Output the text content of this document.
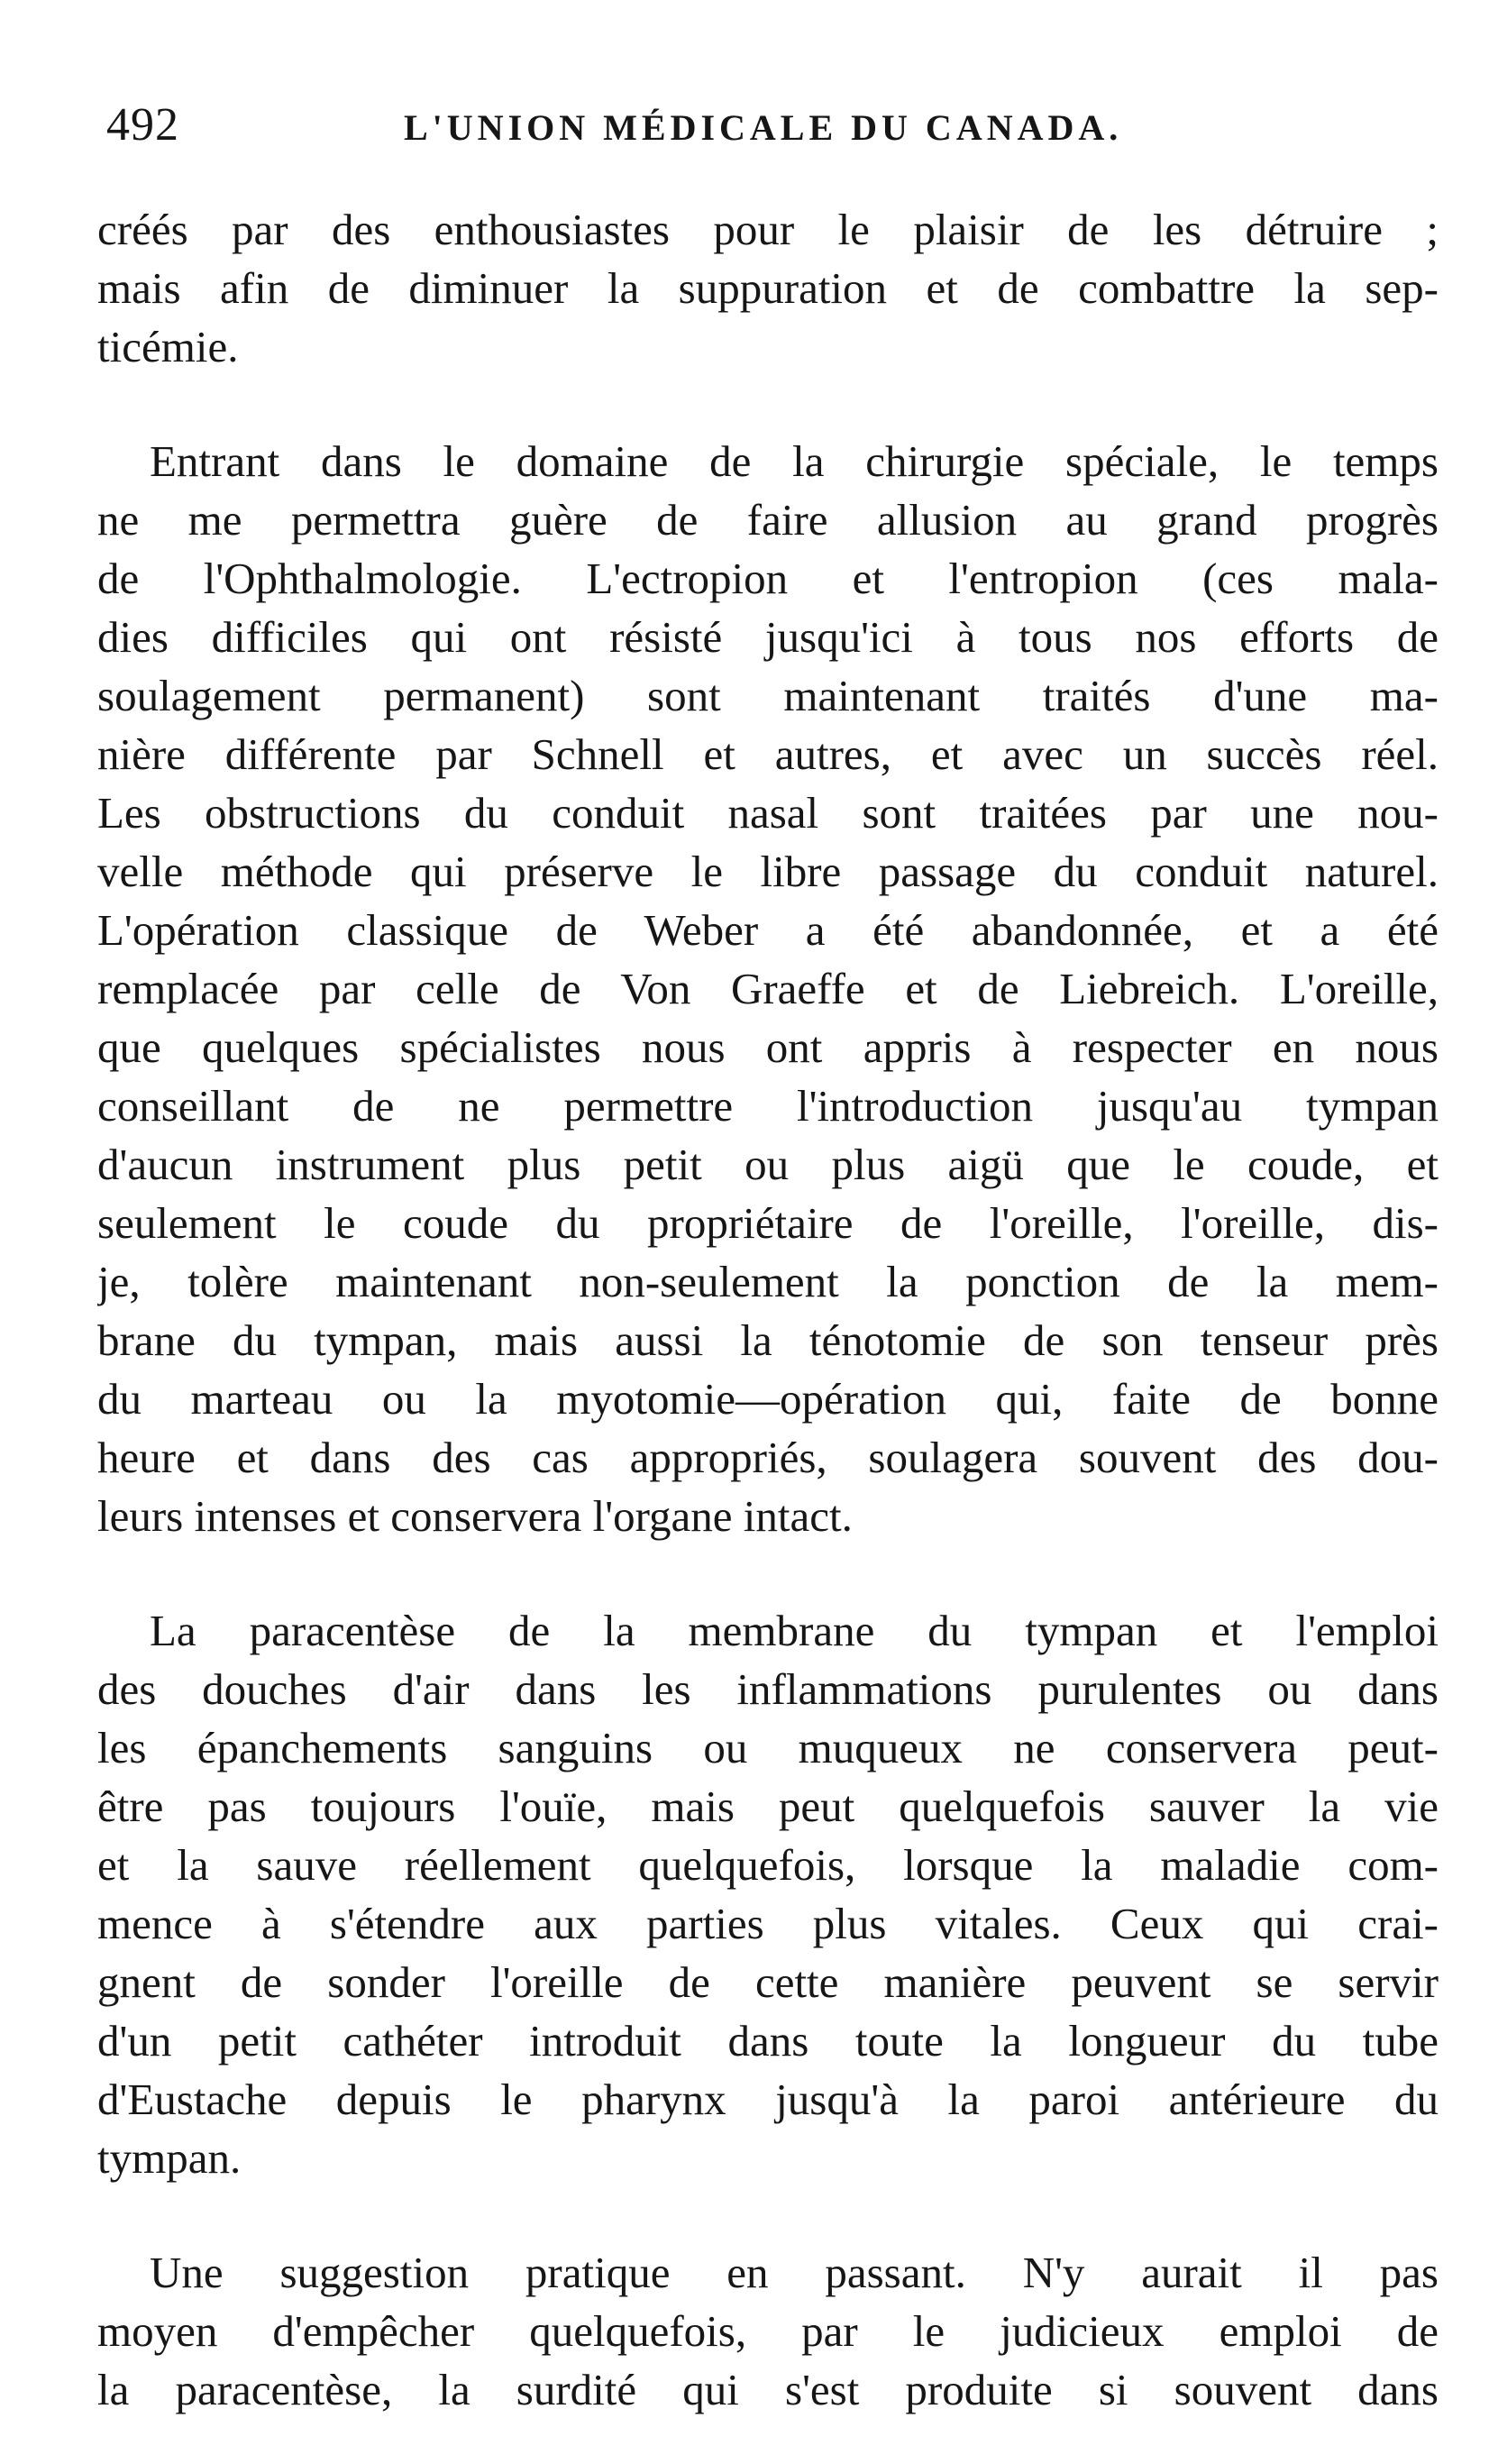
492	L'UNION MÉDICALE DU CANADA.
créés par des enthousiastes pour le plaisir de les détruire ;
mais afin de diminuer la suppuration et de combattre la sep-
ticémie.
Entrant dans le domaine de la chirurgie spéciale, le temps
ne me permettra guère de faire allusion au grand progrès
de l'Ophthalmologie. L'ectropion et l'entropion (ces mala-
dies difficiles qui ont résisté jusqu'ici à tous nos efforts de
soulagement permanent) sont maintenant traités d'une ma-
nière différente par Schnell et autres, et avec un succès réel.
Les obstructions du conduit nasal sont traitées par une nou-
velle méthode qui préserve le libre passage du conduit naturel.
L'opération classique de Weber a été abandonnée, et a été
remplacée par celle de Von Graeffe et de Liebreich. L'oreille,
que quelques spécialistes nous ont appris à respecter en nous
conseillant de ne permettre l'introduction jusqu'au tympan
d'aucun instrument plus petit ou plus aigü que le coude, et
seulement le coude du propriétaire de l'oreille, l'oreille, dis-
je, tolère maintenant non-seulement la ponction de la mem-
brane du tympan, mais aussi la ténotomie de son tenseur près
du marteau ou la myotomie—opération qui, faite de bonne
heure et dans des cas appropriés, soulagera souvent des dou-
leurs intenses et conservera l'organe intact.
La paracentèse de la membrane du tympan et l'emploi
des douches d'air dans les inflammations purulentes ou dans
les épanchements sanguins ou muqueux ne conservera peut-
être pas toujours l'ouïe, mais peut quelquefois sauver la vie
et la sauve réellement quelquefois, lorsque la maladie com-
mence à s'étendre aux parties plus vitales. Ceux qui crai-
gnent de sonder l'oreille de cette manière peuvent se servir
d'un petit cathéter introduit dans toute la longueur du tube
d'Eustache depuis le pharynx jusqu'à la paroi antérieure du
tympan.
Une suggestion pratique en passant. N'y aurait il pas
moyen d'empêcher quelquefois, par le judicieux emploi de
la paracentèse, la surdité qui s'est produite si souvent dans
